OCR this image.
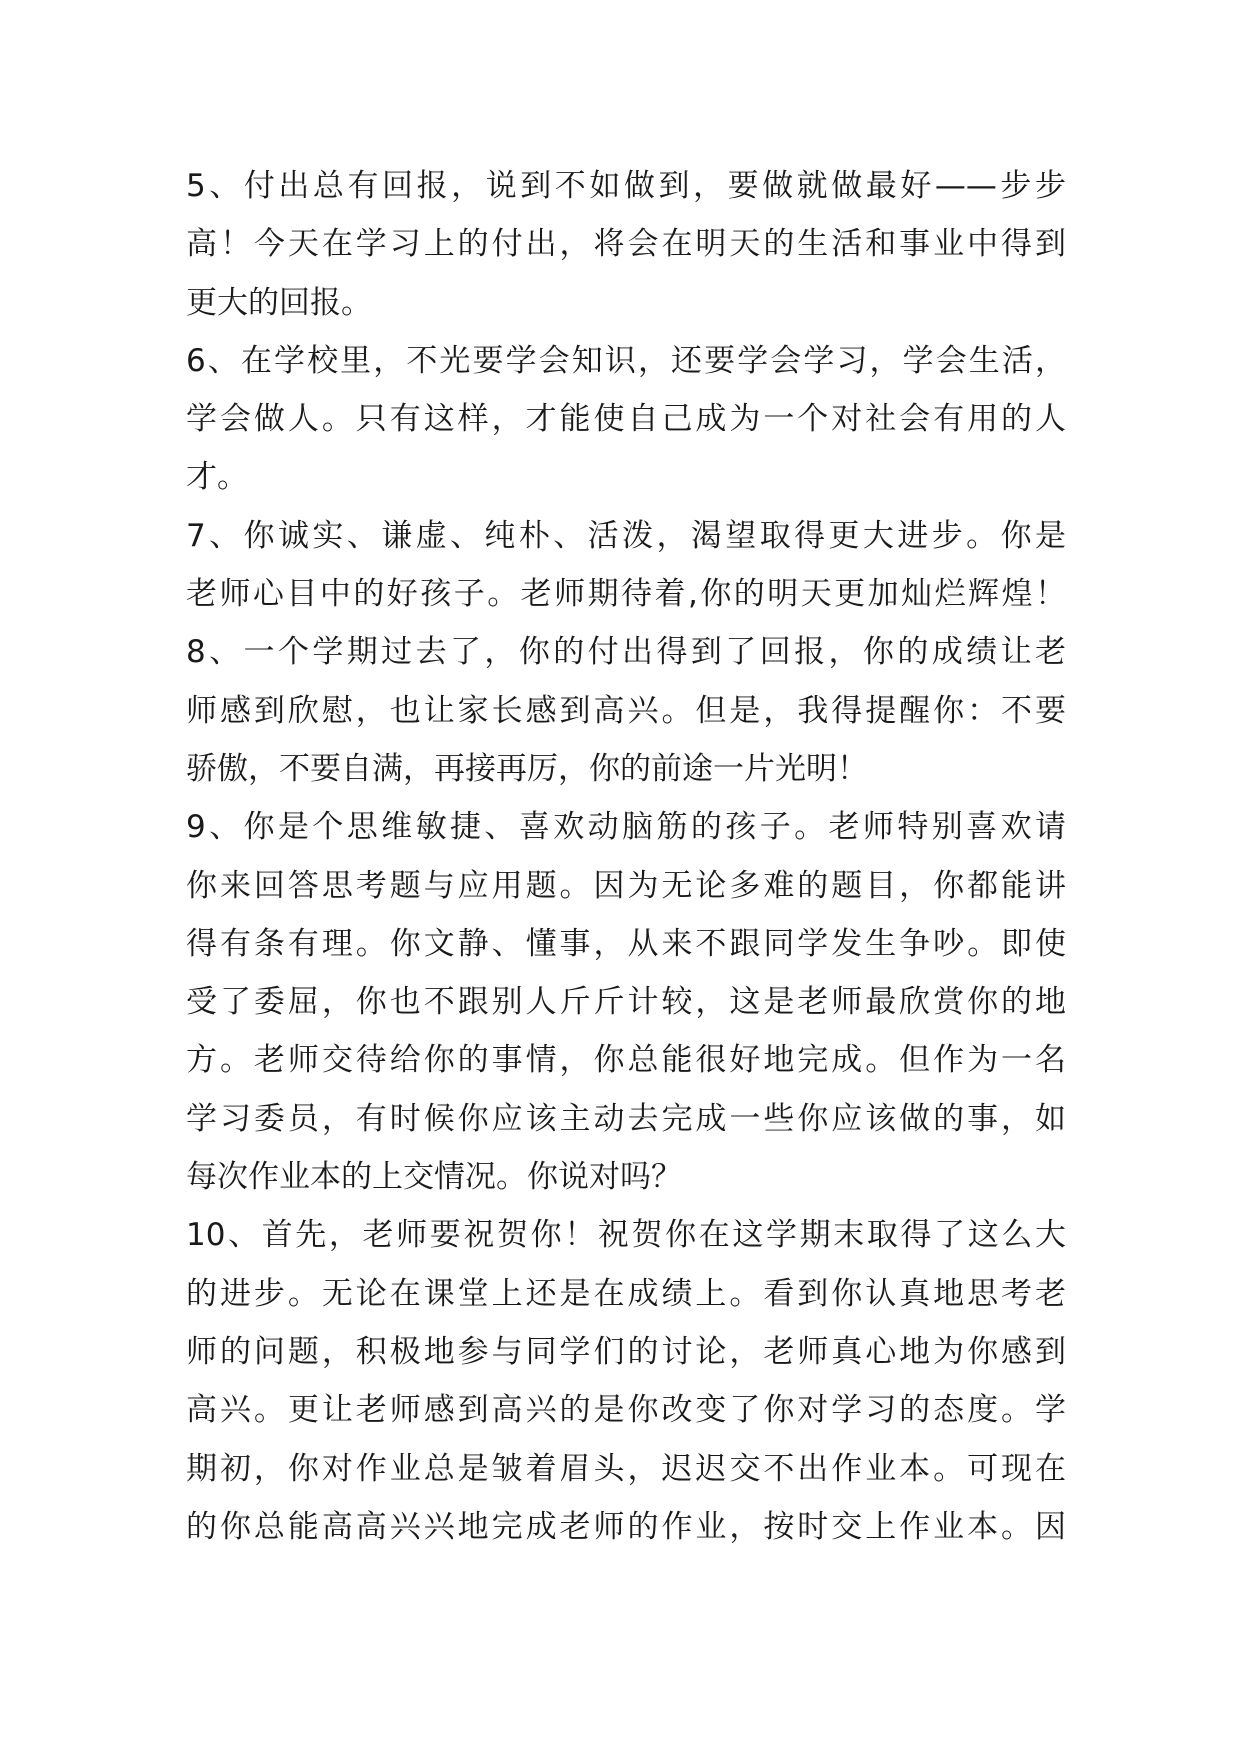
5、付出总有回报，说到不如做到，要做就做最好——步步
高！今天在学习上的付出，将会在明天的生活和事业中得到
更大的回报。
6、在学校里，不光要学会知识，还要学会学习，学会生活，
学会做人。只有这样，才能使自己成为一个对社会有用的人
才。
7、你诚实、谦虚、纯朴、活泼，渴望取得更大进步。你是
老师心目中的好孩子。老师期待着,你的明天更加灿烂辉煌！
8、一个学期过去了，你的付出得到了回报，你的成绩让老
师感到欣慰，也让家长感到高兴。但是，我得提醒你：不要
骄傲，不要自满，再接再厉，你的前途一片光明！
9、你是个思维敏捷、喜欢动脑筋的孩子。老师特别喜欢请
你来回答思考题与应用题。因为无论多难的题目，你都能讲
得有条有理。你文静、懂事，从来不跟同学发生争吵。即使
受了委屈，你也不跟别人斤斤计较，这是老师最欣赏你的地
方。老师交待给你的事情，你总能很好地完成。但作为一名
学习委员，有时候你应该主动去完成一些你应该做的事，如
每次作业本的上交情况。你说对吗？
10、首先，老师要祝贺你！祝贺你在这学期末取得了这么大
的进步。无论在课堂上还是在成绩上。看到你认真地思考老
师的问题，积极地参与同学们的讨论，老师真心地为你感到
高兴。更让老师感到高兴的是你改变了你对学习的态度。学
期初，你对作业总是皱着眉头，迟迟交不出作业本。可现在
的你总能高高兴兴地完成老师的作业，按时交上作业本。因
